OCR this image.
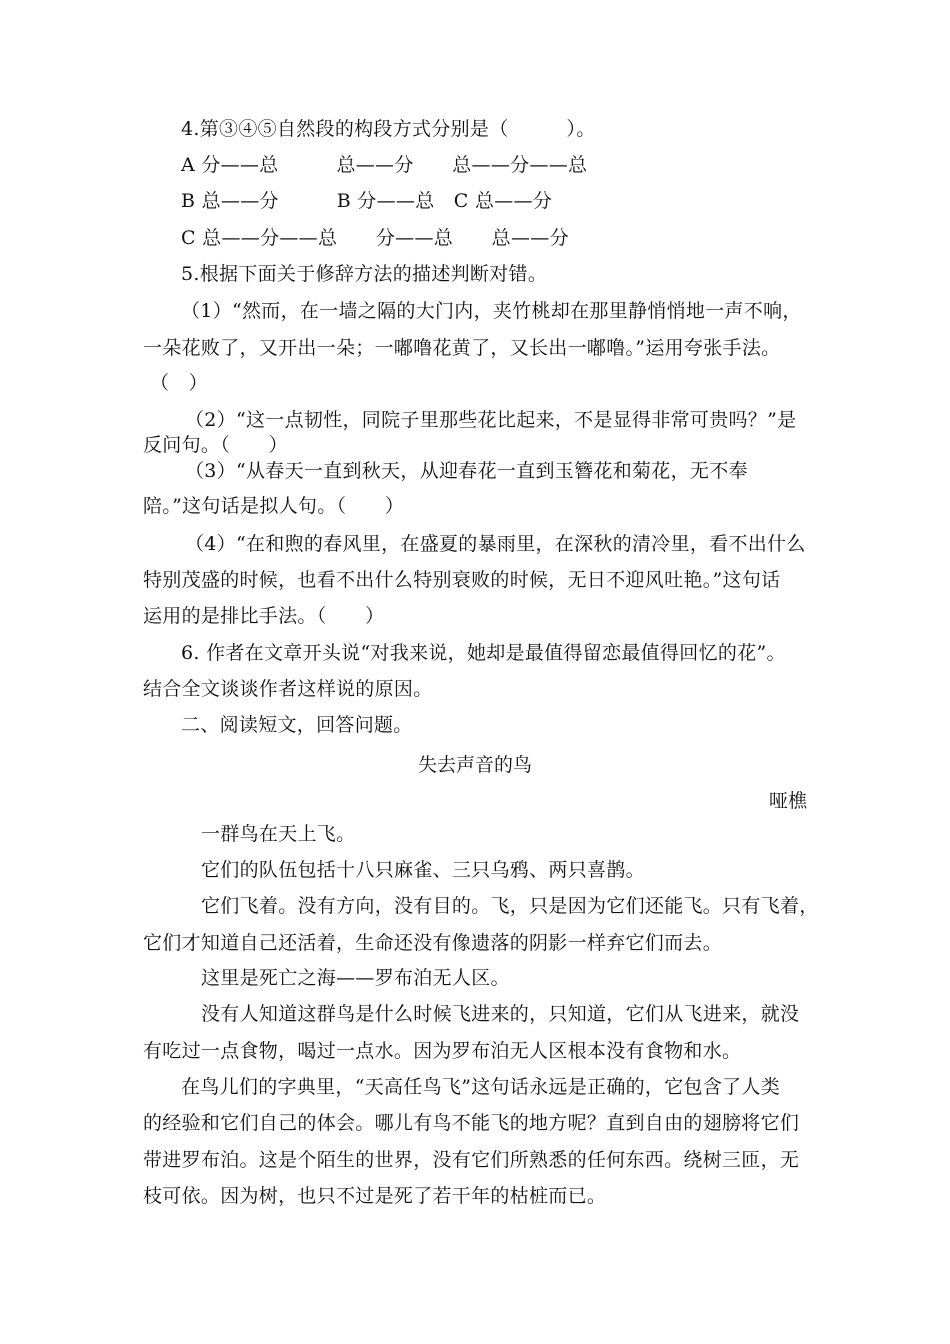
4.第③④⑤自然段的构段方式分别是（　　　）。
A 分——总　　　总——分　　总——分——总
B 总——分　　　B 分——总　C 总——分
C 总——分——总　　分——总　　总——分
5.根据下面关于修辞方法的描述判断对错。
（1）“然而，在一墙之隔的大门内，夹竹桃却在那里静悄悄地一声不响，
一朵花败了，又开出一朵；一嘟噜花黄了，又长出一嘟噜。”运用夸张手法。
（　）
（2）“这一点韧性，同院子里那些花比起来，不是显得非常可贵吗？”是
反问句。（　　）
（3）“从春天一直到秋天，从迎春花一直到玉簪花和菊花，无不奉
陪。”这句话是拟人句。（　　）
（4）“在和煦的春风里，在盛夏的暴雨里，在深秋的清冷里，看不出什么
特别茂盛的时候，也看不出什么特别衰败的时候，无日不迎风吐艳。”这句话
运用的是排比手法。（　　）
6. 作者在文章开头说“对我来说，她却是最值得留恋最值得回忆的花”。
结合全文谈谈作者这样说的原因。
二、阅读短文，回答问题。
失去声音的鸟
哑樵
一群鸟在天上飞。
它们的队伍包括十八只麻雀、三只乌鸦、两只喜鹊。
它们飞着。没有方向，没有目的。飞，只是因为它们还能飞。只有飞着，
它们才知道自己还活着，生命还没有像遗落的阴影一样弃它们而去。
这里是死亡之海——罗布泊无人区。
没有人知道这群鸟是什么时候飞进来的，只知道，它们从飞进来，就没
有吃过一点食物，喝过一点水。因为罗布泊无人区根本没有食物和水。
在鸟儿们的字典里，“天高任鸟飞”这句话永远是正确的，它包含了人类
的经验和它们自己的体会。哪儿有鸟不能飞的地方呢？直到自由的翅膀将它们
带进罗布泊。这是个陌生的世界，没有它们所熟悉的任何东西。绕树三匝，无
枝可依。因为树，也只不过是死了若干年的枯桩而已。
